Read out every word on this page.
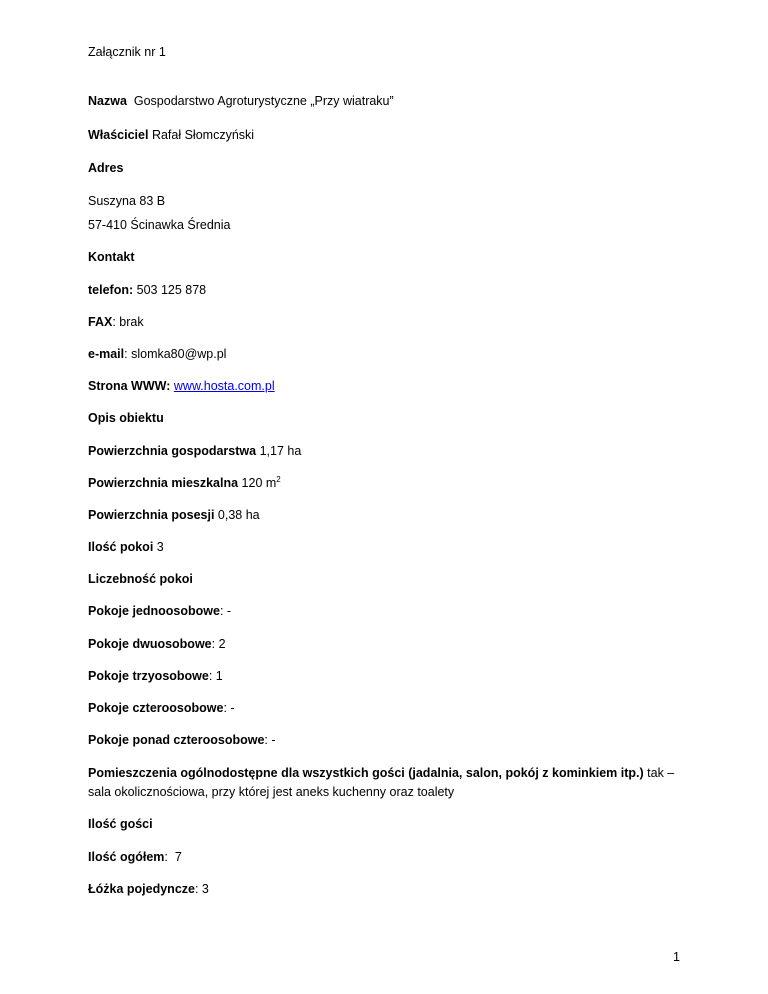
Załącznik nr 1
Nazwa Gospodarstwo Agroturystyczne „Przy wiatraku”
Właściciel Rafał Słomczyński
Adres
Suszyna 83 B
57-410 Ścinawka Średnia
Kontakt
telefon: 503 125 878
FAX: brak
e-mail: slomka80@wp.pl
Strona WWW: www.hosta.com.pl
Opis obiektu
Powierzchnia gospodarstwa 1,17 ha
Powierzchnia mieszkalna 120 $m^2$
Powierzchnia posesji 0,38 ha
Ilość pokoi 3
Liczebność pokoi
Pokoje jednoosobowe: -
Pokoje dwuosobowe: 2
Pokoje trzyosobowe: 1
Pokoje czteroosobowe: -
Pokoje ponad czteroosobowe: -
Pomieszczenia ogólnodostępne dla wszystkich gości (jadalnia, salon, pokój z kominkiem itp.) tak – sala okolicznościowa, przy której jest aneks kuchenny oraz toalety
Ilość gości
Ilość ogółem:  7
Łóżka pojedyncze: 3
1
